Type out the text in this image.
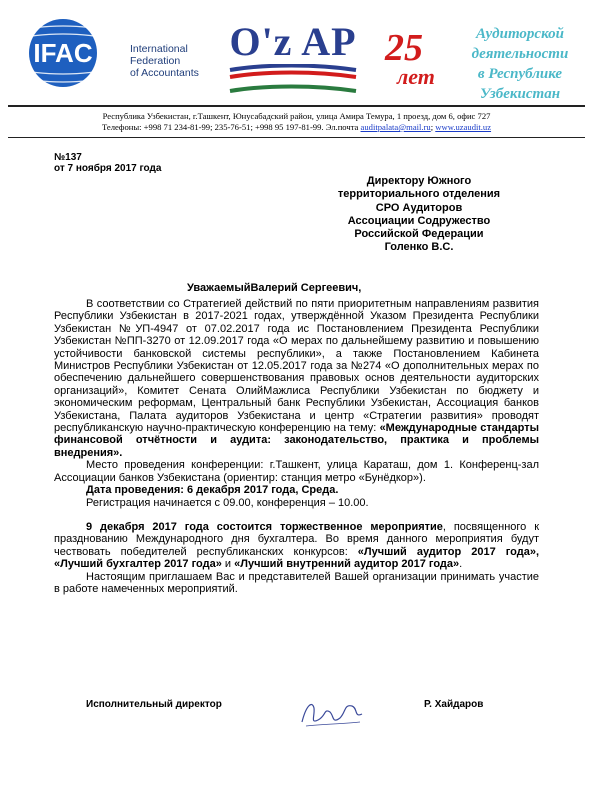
IFAC	International
Federation
of Accountants
O'z AP 25
лет
Аудиторской
деятельности
в Республике
Узбекистан
Республика Узбекистан, г.Ташкент, Юнусабадский район, улица Амира Темура, 1 проезд, дом 6, офис 727
Телефоны: +998 71 234-81-99; 235-76-51; +998 95 197-81-99. Эл.почта auditpalata@mail.ru; www.uzaudit.uz
№137
от 7 ноября 2017 года
Директору Южного
территориального отделения
СРО Аудиторов
Ассоциации Содружество
Российской Федерации
Голенко В.С.
УважаемыйВалерий Сергеевич,

В соответствии со Стратегией действий по пяти приоритетным направлениям развития Республики Узбекистан в 2017-2021 годах, утверждённой Указом Президента Республики Узбекистан №УП-4947 от 07.02.2017 года ис Постановлением Президента Республики Узбекистан №ПП-3270 от 12.09.2017 года «О мерах по дальнейшему развитию и повышению устойчивости банковской системы республики», а также Постановлением Кабинета Министров Республики Узбекистан от 12.05.2017 года за №274 «О дополнительных мерах по обеспечению дальнейшего совершенствования правовых основ деятельности аудиторских организаций», Комитет Сената ОлийМажлиса Республики Узбекистан по бюджету и экономическим реформам, Центральный банк Республики Узбекистан, Ассоциация банков Узбекистана, Палата аудиторов Узбекистана и центр «Стратегии развития» проводят республиканскую научно-практическую конференцию на тему: «Международные стандарты финансовой отчётности и аудита: законодательство, практика и проблемы внедрения».

Место проведения конференции: г.Ташкент, улица Караташ, дом 1. Конференц-зал Ассоциации банков Узбекистана (ориентир: станция метро «Бунёдкор»).

Дата проведения: 6 декабря 2017 года, Среда.

Регистрация начинается с 09.00, конференция – 10.00.

9 декабря 2017 года состоится торжественное мероприятие, посвященного к празднованию Международного дня бухгалтера. Во время данного мероприятия будут чествовать победителей республиканских конкурсов: «Лучший аудитор 2017 года», «Лучший бухгалтер 2017 года» и «Лучший внутренний аудитор 2017 года».

Настоящим приглашаем Вас и представителей Вашей организации принимать участие в работе намеченных мероприятий.

Исполнительный директор	Р. Хайдаров
